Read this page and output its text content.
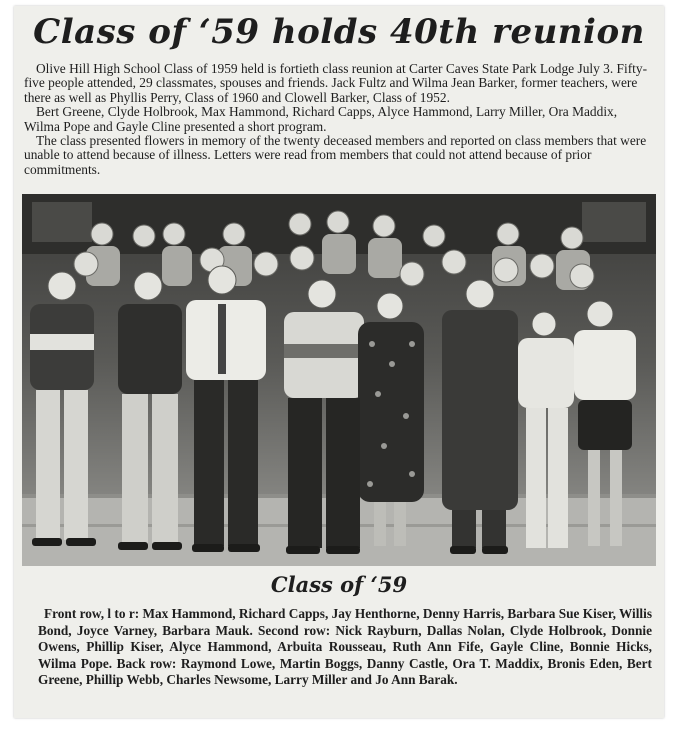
Class of ‘59 holds 40th reunion

Olive Hill High School Class of 1959 held is fortieth class reunion at Carter Caves State Park Lodge July 3. Fifty-five people attended, 29 classmates, spouses and friends. Jack Fultz and Wilma Jean Barker, former teachers, were there as well as Phyllis Perry, Class of 1960 and Clowell Barker, Class of 1952.

Bert Greene, Clyde Holbrook, Max Hammond, Richard Capps, Alyce Hammond, Larry Miller, Ora Maddix, Wilma Pope and Gayle Cline presented a short program.

The class presented flowers in memory of the twenty deceased members and reported on class members that were unable to attend because of illness. Letters were read from members that could not attend because of prior commitments.

Class of ‘59

Front row, l to r: Max Hammond, Richard Capps, Jay Henthorne, Denny Harris, Barbara Sue Kiser, Willis Bond, Joyce Varney, Barbara Mauk. Second row: Nick Rayburn, Dallas Nolan, Clyde Holbrook, Donnie Owens, Phillip Kiser, Alyce Hammond, Arbuita Rousseau, Ruth Ann Fife, Gayle Cline, Bonnie Hicks, Wilma Pope. Back row: Raymond Lowe, Martin Boggs, Danny Castle, Ora T. Maddix, Bronis Eden, Bert Greene, Phillip Webb, Charles Newsome, Larry Miller and Jo Ann Barak.
